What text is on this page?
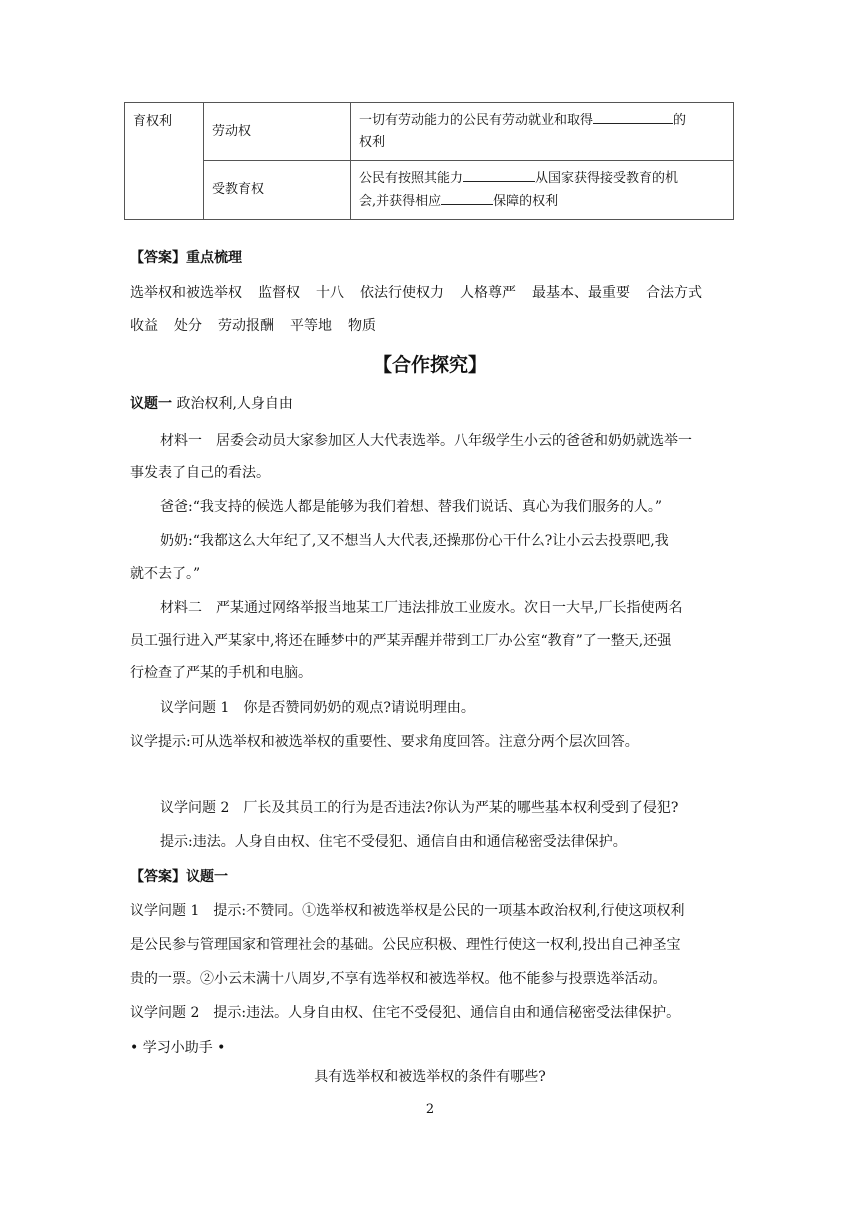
育权利	劳动权	一切有劳动能力的公民有劳动就业和取得 的
权利
	受教育权	公民有按照其能力 从国家获得接受教育的机
会,并获得相应 保障的权利
【答案】重点梳理
选举权和被选举权 监督权 十八 依法行使权力 人格尊严 最基本、最重要 合法方式
收益 处分 劳动报酬 平等地 物质
【合作探究】
议题一 政治权利,人身自由
材料一　居委会动员大家参加区人大代表选举。八年级学生小云的爸爸和奶奶就选举一
事发表了自己的看法。
爸爸:“我支持的候选人都是能够为我们着想、替我们说话、真心为我们服务的人。”
奶奶:“我都这么大年纪了,又不想当人大代表,还操那份心干什么?让小云去投票吧,我
就不去了。”
材料二　严某通过网络举报当地某工厂违法排放工业废水。次日一大早,厂长指使两名
员工强行进入严某家中,将还在睡梦中的严某弄醒并带到工厂办公室“教育”了一整天,还强
行检查了严某的手机和电脑。
议学问题 1　你是否赞同奶奶的观点?请说明理由。
议学提示:可从选举权和被选举权的重要性、要求角度回答。注意分两个层次回答。
议学问题 2　厂长及其员工的行为是否违法?你认为严某的哪些基本权利受到了侵犯?
提示:违法。人身自由权、住宅不受侵犯、通信自由和通信秘密受法律保护。
【答案】议题一
议学问题 1　提示:不赞同。①选举权和被选举权是公民的一项基本政治权利,行使这项权利
是公民参与管理国家和管理社会的基础。公民应积极、理性行使这一权利,投出自己神圣宝
贵的一票。②小云未满十八周岁,不享有选举权和被选举权。他不能参与投票选举活动。
议学问题 2　提示:违法。人身自由权、住宅不受侵犯、通信自由和通信秘密受法律保护。
• 学习小助手 •
具有选举权和被选举权的条件有哪些?
2
